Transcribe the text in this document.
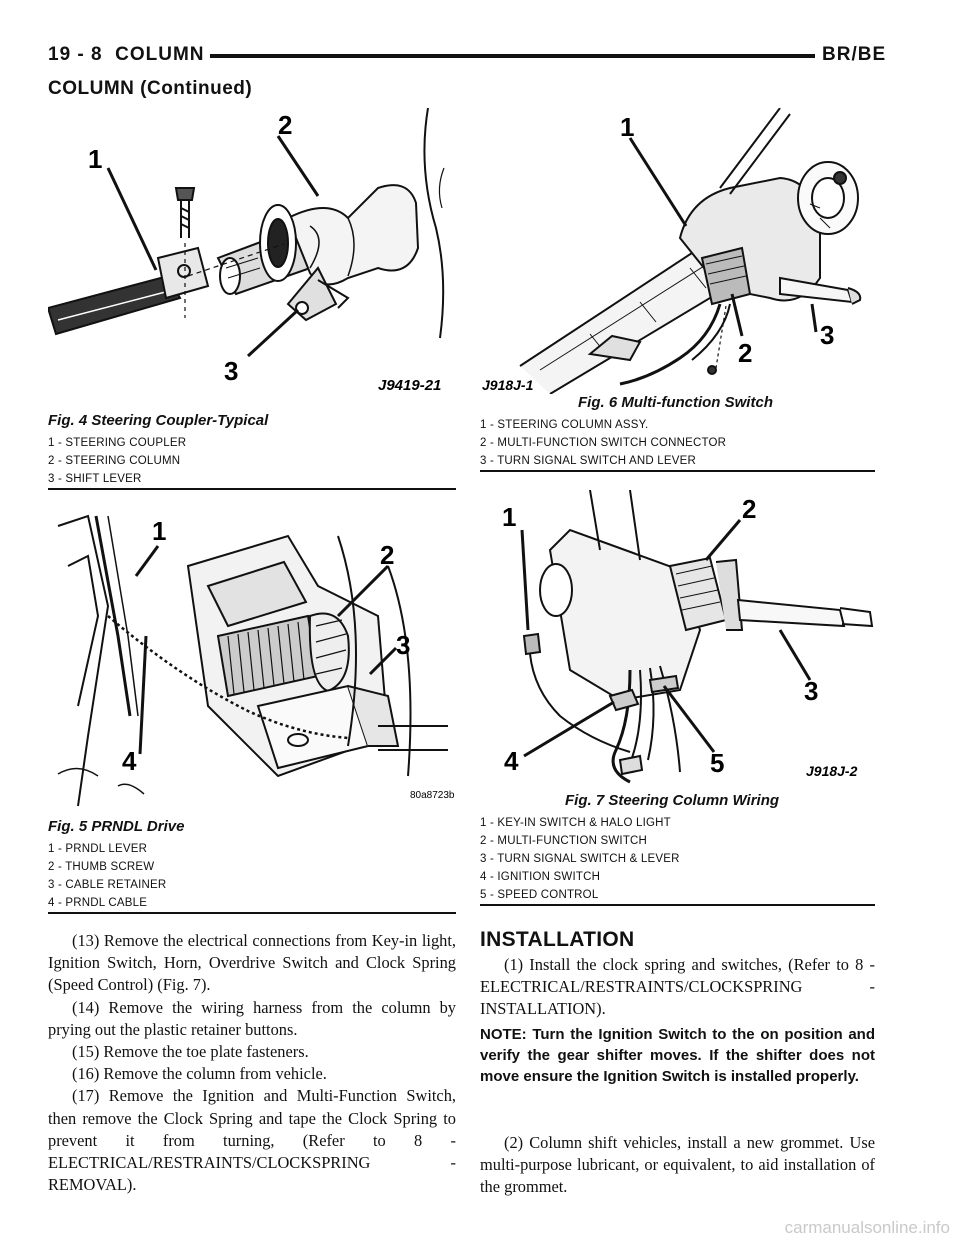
19 - 8 COLUMN	BR/BE
COLUMN (Continued)
1
2
3	J9419-21
Fig. 4 Steering Coupler-Typical
1 - STEERING COUPLER
2 - STEERING COLUMN
3 - SHIFT LEVER
1
2
3
4
80a8723b
Fig. 5 PRNDL Drive
1 - PRNDL LEVER
2 - THUMB SCREW
3 - CABLE RETAINER
4 - PRNDL CABLE
1
2
3
J918J-1
Fig. 6 Multi-function Switch
1 - STEERING COLUMN ASSY.
2 - MULTI-FUNCTION SWITCH CONNECTOR
3 - TURN SIGNAL SWITCH AND LEVER
1	2
3
4	5	J918J-2
Fig. 7 Steering Column Wiring
1 - KEY-IN SWITCH & HALO LIGHT
2 - MULTI-FUNCTION SWITCH
3 - TURN SIGNAL SWITCH & LEVER
4 - IGNITION SWITCH
5 - SPEED CONTROL

(13) Remove the electrical connections from Key-in light, Ignition Switch, Horn, Overdrive Switch and Clock Spring (Speed Control) (Fig. 7).

(14) Remove the wiring harness from the column by prying out the plastic retainer buttons.

(15) Remove the toe plate fasteners.

(16) Remove the column from vehicle.

(17) Remove the Ignition and Multi-Function Switch, then remove the Clock Spring and tape the Clock Spring to prevent it from turning, (Refer to 8 - ELECTRICAL/RESTRAINTS/CLOCKSPRING - REMOVAL).

INSTALLATION

(1) Install the clock spring and switches, (Refer to 8 - ELECTRICAL/RESTRAINTS/CLOCKSPRING - INSTALLATION).

NOTE: Turn the Ignition Switch to the on position and verify the gear shifter moves. If the shifter does not move ensure the Ignition Switch is installed properly.

(2) Column shift vehicles, install a new grommet. Use multi-purpose lubricant, or equivalent, to aid installation of the grommet.

carmanualsonline.info
